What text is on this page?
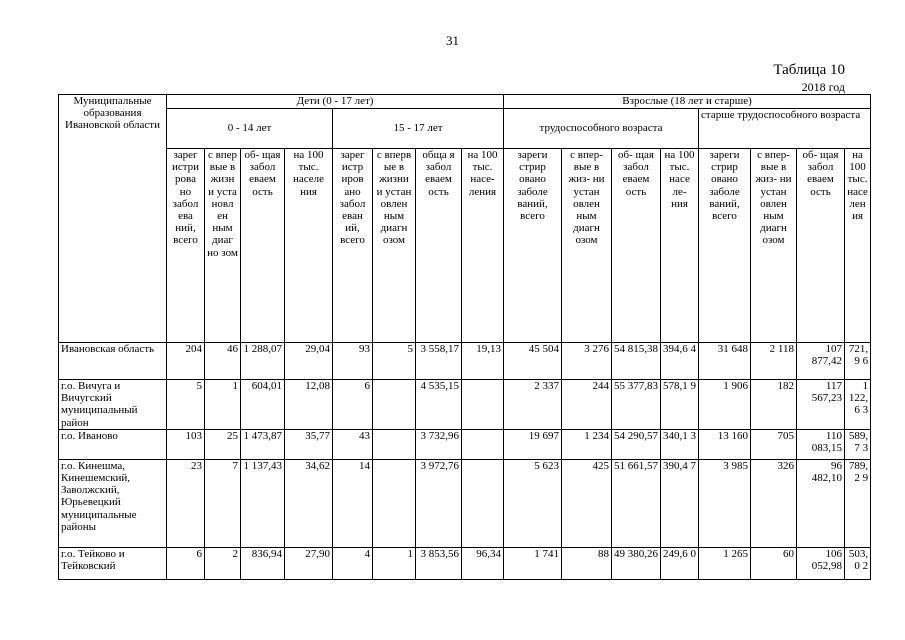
31
Таблица 10
2018 год
Муниципальные образования Ивановской области	Дети (0 - 17 лет)								Взрослые (18 лет и старше)							
	0 - 14 лет				15 - 17 лет				трудоспособного возраста				старше трудоспособного возраста			
	зарег истри рова но забол ева ний, всего	с впер вые в жизн и уста новл ен ным диаг но зом	об- щая забол еваем ость	на 100 тыс. населе ния	зарег истр иров ано забол еван ий, всего	с вперв ые в жизни и устан овлен ным диагн озом	общa я забол еваем ость	на 100 тыс. насе- ления	зареги стрир овано заболе ваний, всего	с впер- вые в жиз- ни устан овлен ным диагн озом	об- щая забол еваем ость	на 100 тыс. насе ле- ния	зареги стрир овано заболе ваний, всего	с впер- вые в жиз- ни устан овлен ным диагн озом	об- щая забол еваем ость	на 100 тыс. насе лен ия
Ивановская область	204	46	1 288,07	29,04	93	5	3 558,17	19,13	45 504	3 276	54 815,38	394,6 4	31 648	2 118	107 877,42	721,9 6
г.о. Вичуга и Вичугский муниципальный район	5	1	604,01	12,08	6		4 535,15		2 337	244	55 377,83	578,1 9	1 906	182	117 567,23	1 122,6 3
г.о. Иваново	103	25	1 473,87	35,77	43		3 732,96		19 697	1 234	54 290,57	340,1 3	13 160	705	110 083,15	589,7 3
г.о. Кинешма, Кинешемский, Заволжский, Юрьевецкий муниципальные районы	23	7	1 137,43	34,62	14		3 972,76		5 623	425	51 661,57	390,4 7	3 985	326	96 482,10	789,2 9
г.о. Тейково и Тейковский	6	2	836,94	27,90	4	1	3 853,56	96,34	1 741	88	49 380,26	249,6 0	1 265	60	106 052,98	503,0 2
